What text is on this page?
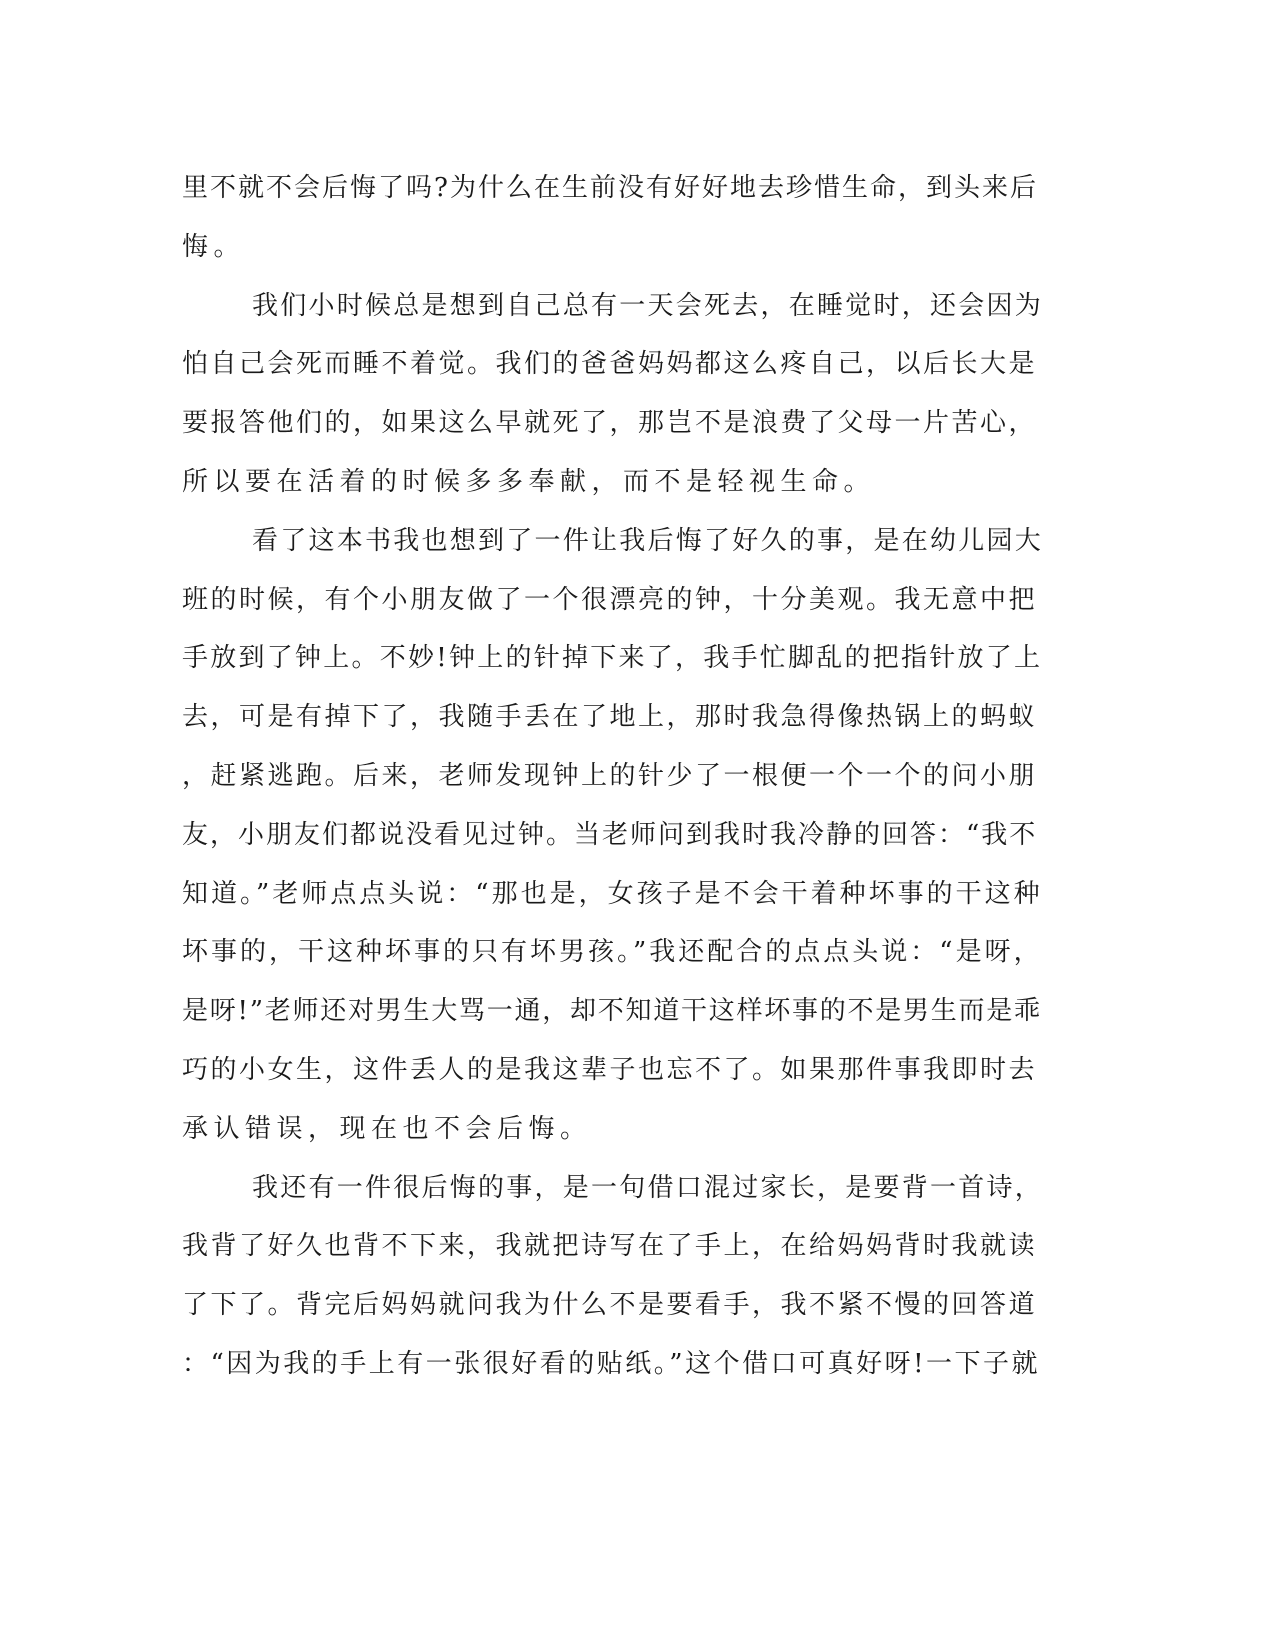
里不就不会后悔了吗?为什么在生前没有好好地去珍惜生命，到头来后
悔。
我们小时候总是想到自己总有一天会死去，在睡觉时，还会因为
怕自己会死而睡不着觉。我们的爸爸妈妈都这么疼自己，以后长大是
要报答他们的，如果这么早就死了，那岂不是浪费了父母一片苦心，
所以要在活着的时候多多奉献，而不是轻视生命。
看了这本书我也想到了一件让我后悔了好久的事，是在幼儿园大
班的时候，有个小朋友做了一个很漂亮的钟，十分美观。我无意中把
手放到了钟上。不妙!钟上的针掉下来了，我手忙脚乱的把指针放了上
去，可是有掉下了，我随手丢在了地上，那时我急得像热锅上的蚂蚁
，赶紧逃跑。后来，老师发现钟上的针少了一根便一个一个的问小朋
友，小朋友们都说没看见过钟。当老师问到我时我冷静的回答：“我不
知道。”老师点点头说：“那也是，女孩子是不会干着种坏事的干这种
坏事的，干这种坏事的只有坏男孩。”我还配合的点点头说：“是呀，
是呀!”老师还对男生大骂一通，却不知道干这样坏事的不是男生而是乖
巧的小女生，这件丢人的是我这辈子也忘不了。如果那件事我即时去
承认错误，现在也不会后悔。
我还有一件很后悔的事，是一句借口混过家长，是要背一首诗，
我背了好久也背不下来，我就把诗写在了手上，在给妈妈背时我就读
了下了。背完后妈妈就问我为什么不是要看手，我不紧不慢的回答道
：“因为我的手上有一张很好看的贴纸。”这个借口可真好呀!一下子就
